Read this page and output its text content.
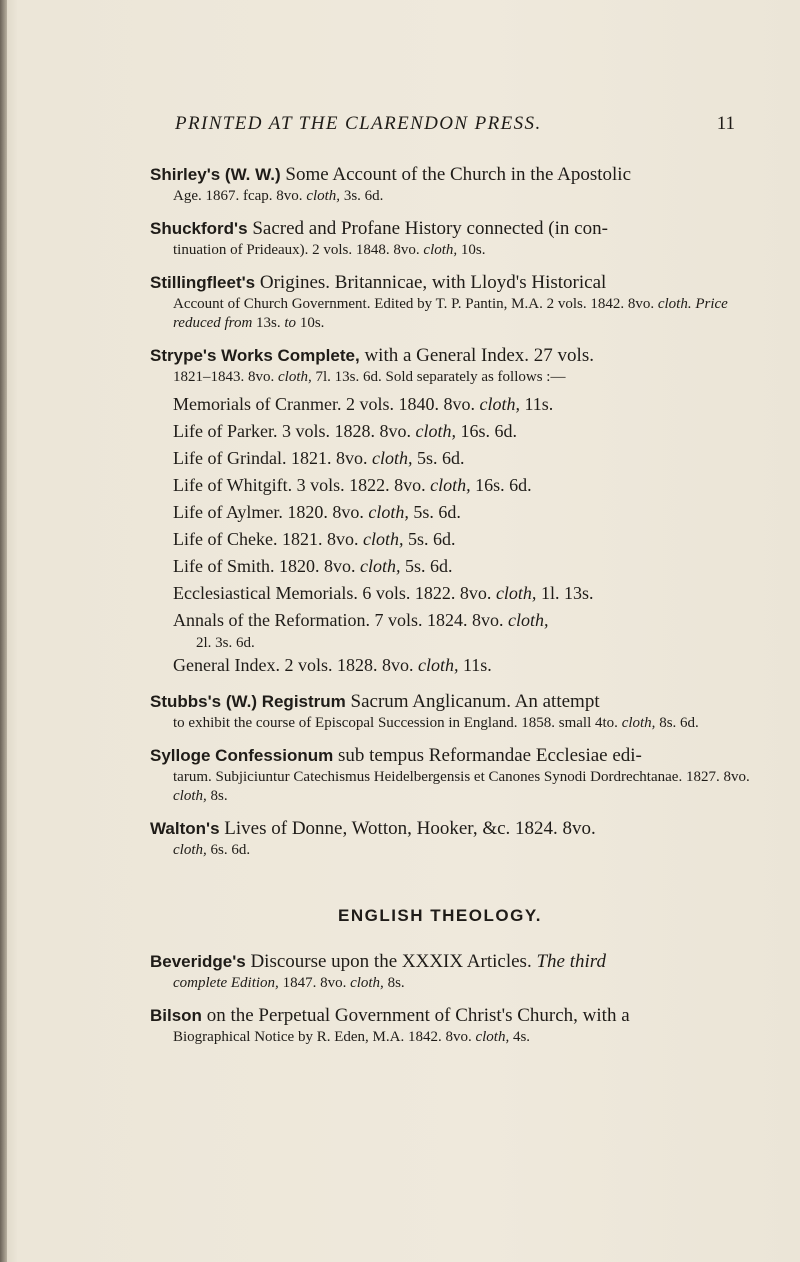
PRINTED AT THE CLARENDON PRESS.	11
Shirley's (W. W.) Some Account of the Church in the Apostolic
Age. 1867. fcap. 8vo. cloth, 3s. 6d.
Shuckford's Sacred and Profane History connected (in con-
tinuation of Prideaux). 2 vols. 1848. 8vo. cloth, 10s.
Stillingfleet's Origines. Britannicae, with Lloyd's Historical
Account of Church Government. Edited by T. P. Pantin, M.A. 2 vols. 1842. 8vo. cloth. Price reduced from 13s. to 10s.
Strype's Works Complete, with a General Index. 27 vols.
1821–1843. 8vo. cloth, 7l. 13s. 6d. Sold separately as follows :—
Memorials of Cranmer. 2 vols. 1840. 8vo. cloth, 11s.
Life of Parker. 3 vols. 1828. 8vo. cloth, 16s. 6d.
Life of Grindal. 1821. 8vo. cloth, 5s. 6d.
Life of Whitgift. 3 vols. 1822. 8vo. cloth, 16s. 6d.
Life of Aylmer. 1820. 8vo. cloth, 5s. 6d.
Life of Cheke. 1821. 8vo. cloth, 5s. 6d.
Life of Smith. 1820. 8vo. cloth, 5s. 6d.
Ecclesiastical Memorials. 6 vols. 1822. 8vo. cloth, 1l. 13s.
Annals of the Reformation. 7 vols. 1824. 8vo. cloth,
2l. 3s. 6d.
General Index. 2 vols. 1828. 8vo. cloth, 11s.
Stubbs's (W.) Registrum Sacrum Anglicanum. An attempt
to exhibit the course of Episcopal Succession in England. 1858. small 4to. cloth, 8s. 6d.
Sylloge Confessionum sub tempus Reformandae Ecclesiae edi-
tarum. Subjiciuntur Catechismus Heidelbergensis et Canones Synodi Dordrechtanae. 1827. 8vo. cloth, 8s.
Walton's Lives of Donne, Wotton, Hooker, &c. 1824. 8vo.
cloth, 6s. 6d.
ENGLISH THEOLOGY.
Beveridge's Discourse upon the XXXIX Articles. The third
complete Edition, 1847. 8vo. cloth, 8s.
Bilson on the Perpetual Government of Christ's Church, with a
Biographical Notice by R. Eden, M.A. 1842. 8vo. cloth, 4s.
